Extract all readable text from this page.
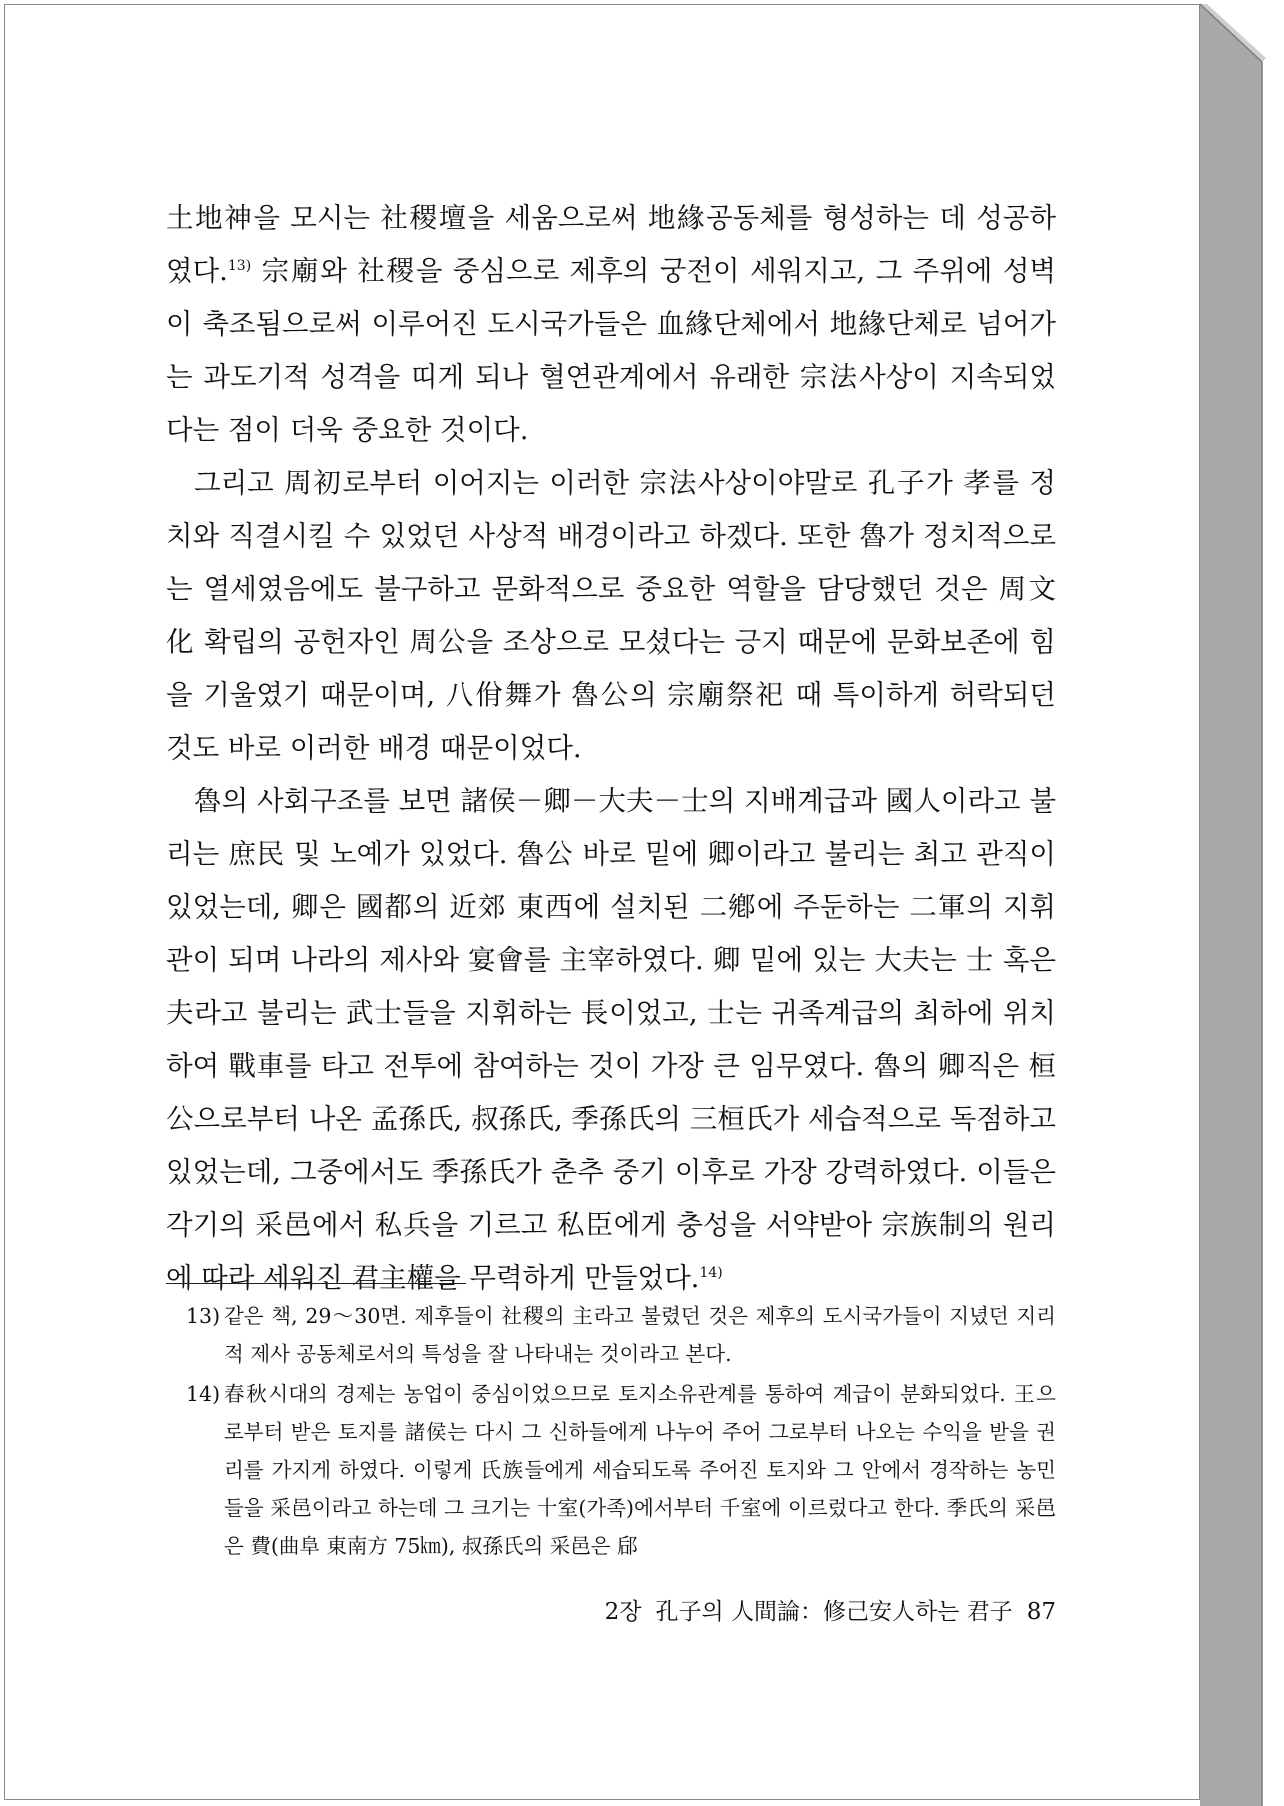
土地神을 모시는 社稷壇을 세움으로써 地緣공동체를 형성하는 데 성공하였다.$^{13)}$ 宗廟와 社稷을 중심으로 제후의 궁전이 세워지고, 그 주위에 성벽이 축조됨으로써 이루어진 도시국가들은 血緣단체에서 地緣단체로 넘어가는 과도기적 성격을 띠게 되나 혈연관계에서 유래한 宗法사상이 지속되었다는 점이 더욱 중요한 것이다.

그리고 周初로부터 이어지는 이러한 宗法사상이야말로 孔子가 孝를 정치와 직결시킬 수 있었던 사상적 배경이라고 하겠다. 또한 魯가 정치적으로는 열세였음에도 불구하고 문화적으로 중요한 역할을 담당했던 것은 周文化 확립의 공헌자인 周公을 조상으로 모셨다는 긍지 때문에 문화보존에 힘을 기울였기 때문이며, 八佾舞가 魯公의 宗廟祭祀 때 특이하게 허락되던 것도 바로 이러한 배경 때문이었다.

魯의 사회구조를 보면 諸侯－卿－大夫－士의 지배계급과 國人이라고 불리는 庶民 및 노예가 있었다. 魯公 바로 밑에 卿이라고 불리는 최고 관직이 있었는데, 卿은 國都의 近郊 東西에 설치된 二鄕에 주둔하는 二軍의 지휘관이 되며 나라의 제사와 宴會를 主宰하였다. 卿 밑에 있는 大夫는 士 혹은 夫라고 불리는 武士들을 지휘하는 長이었고, 士는 귀족계급의 최하에 위치하여 戰車를 타고 전투에 참여하는 것이 가장 큰 임무였다. 魯의 卿직은 桓公으로부터 나온 孟孫氏, 叔孫氏, 季孫氏의 三桓氏가 세습적으로 독점하고 있었는데, 그중에서도 季孫氏가 춘추 중기 이후로 가장 강력하였다. 이들은 각기의 采邑에서 私兵을 기르고 私臣에게 충성을 서약받아 宗族制의 원리에 따라 세워진 君主權을 무력하게 만들었다.$^{14)}$

13) 같은 책, 29～30면. 제후들이 社稷의 主라고 불렸던 것은 제후의 도시국가들이 지녔던 지리적 제사 공동체로서의 특성을 잘 나타내는 것이라고 본다.
14) 春秋시대의 경제는 농업이 중심이었으므로 토지소유관계를 통하여 계급이 분화되었다. 王으로부터 받은 토지를 諸侯는 다시 그 신하들에게 나누어 주어 그로부터 나오는 수익을 받을 권리를 가지게 하였다. 이렇게 氏族들에게 세습되도록 주어진 토지와 그 안에서 경작하는 농민들을 采邑이라고 하는데 그 크기는 十室(가족)에서부터 千室에 이르렀다고 한다. 季氏의 采邑은 費(曲阜 東南方 75㎞), 叔孫氏의 采邑은 郈
2장 孔子의 人間論：修己安人하는 君子 87
